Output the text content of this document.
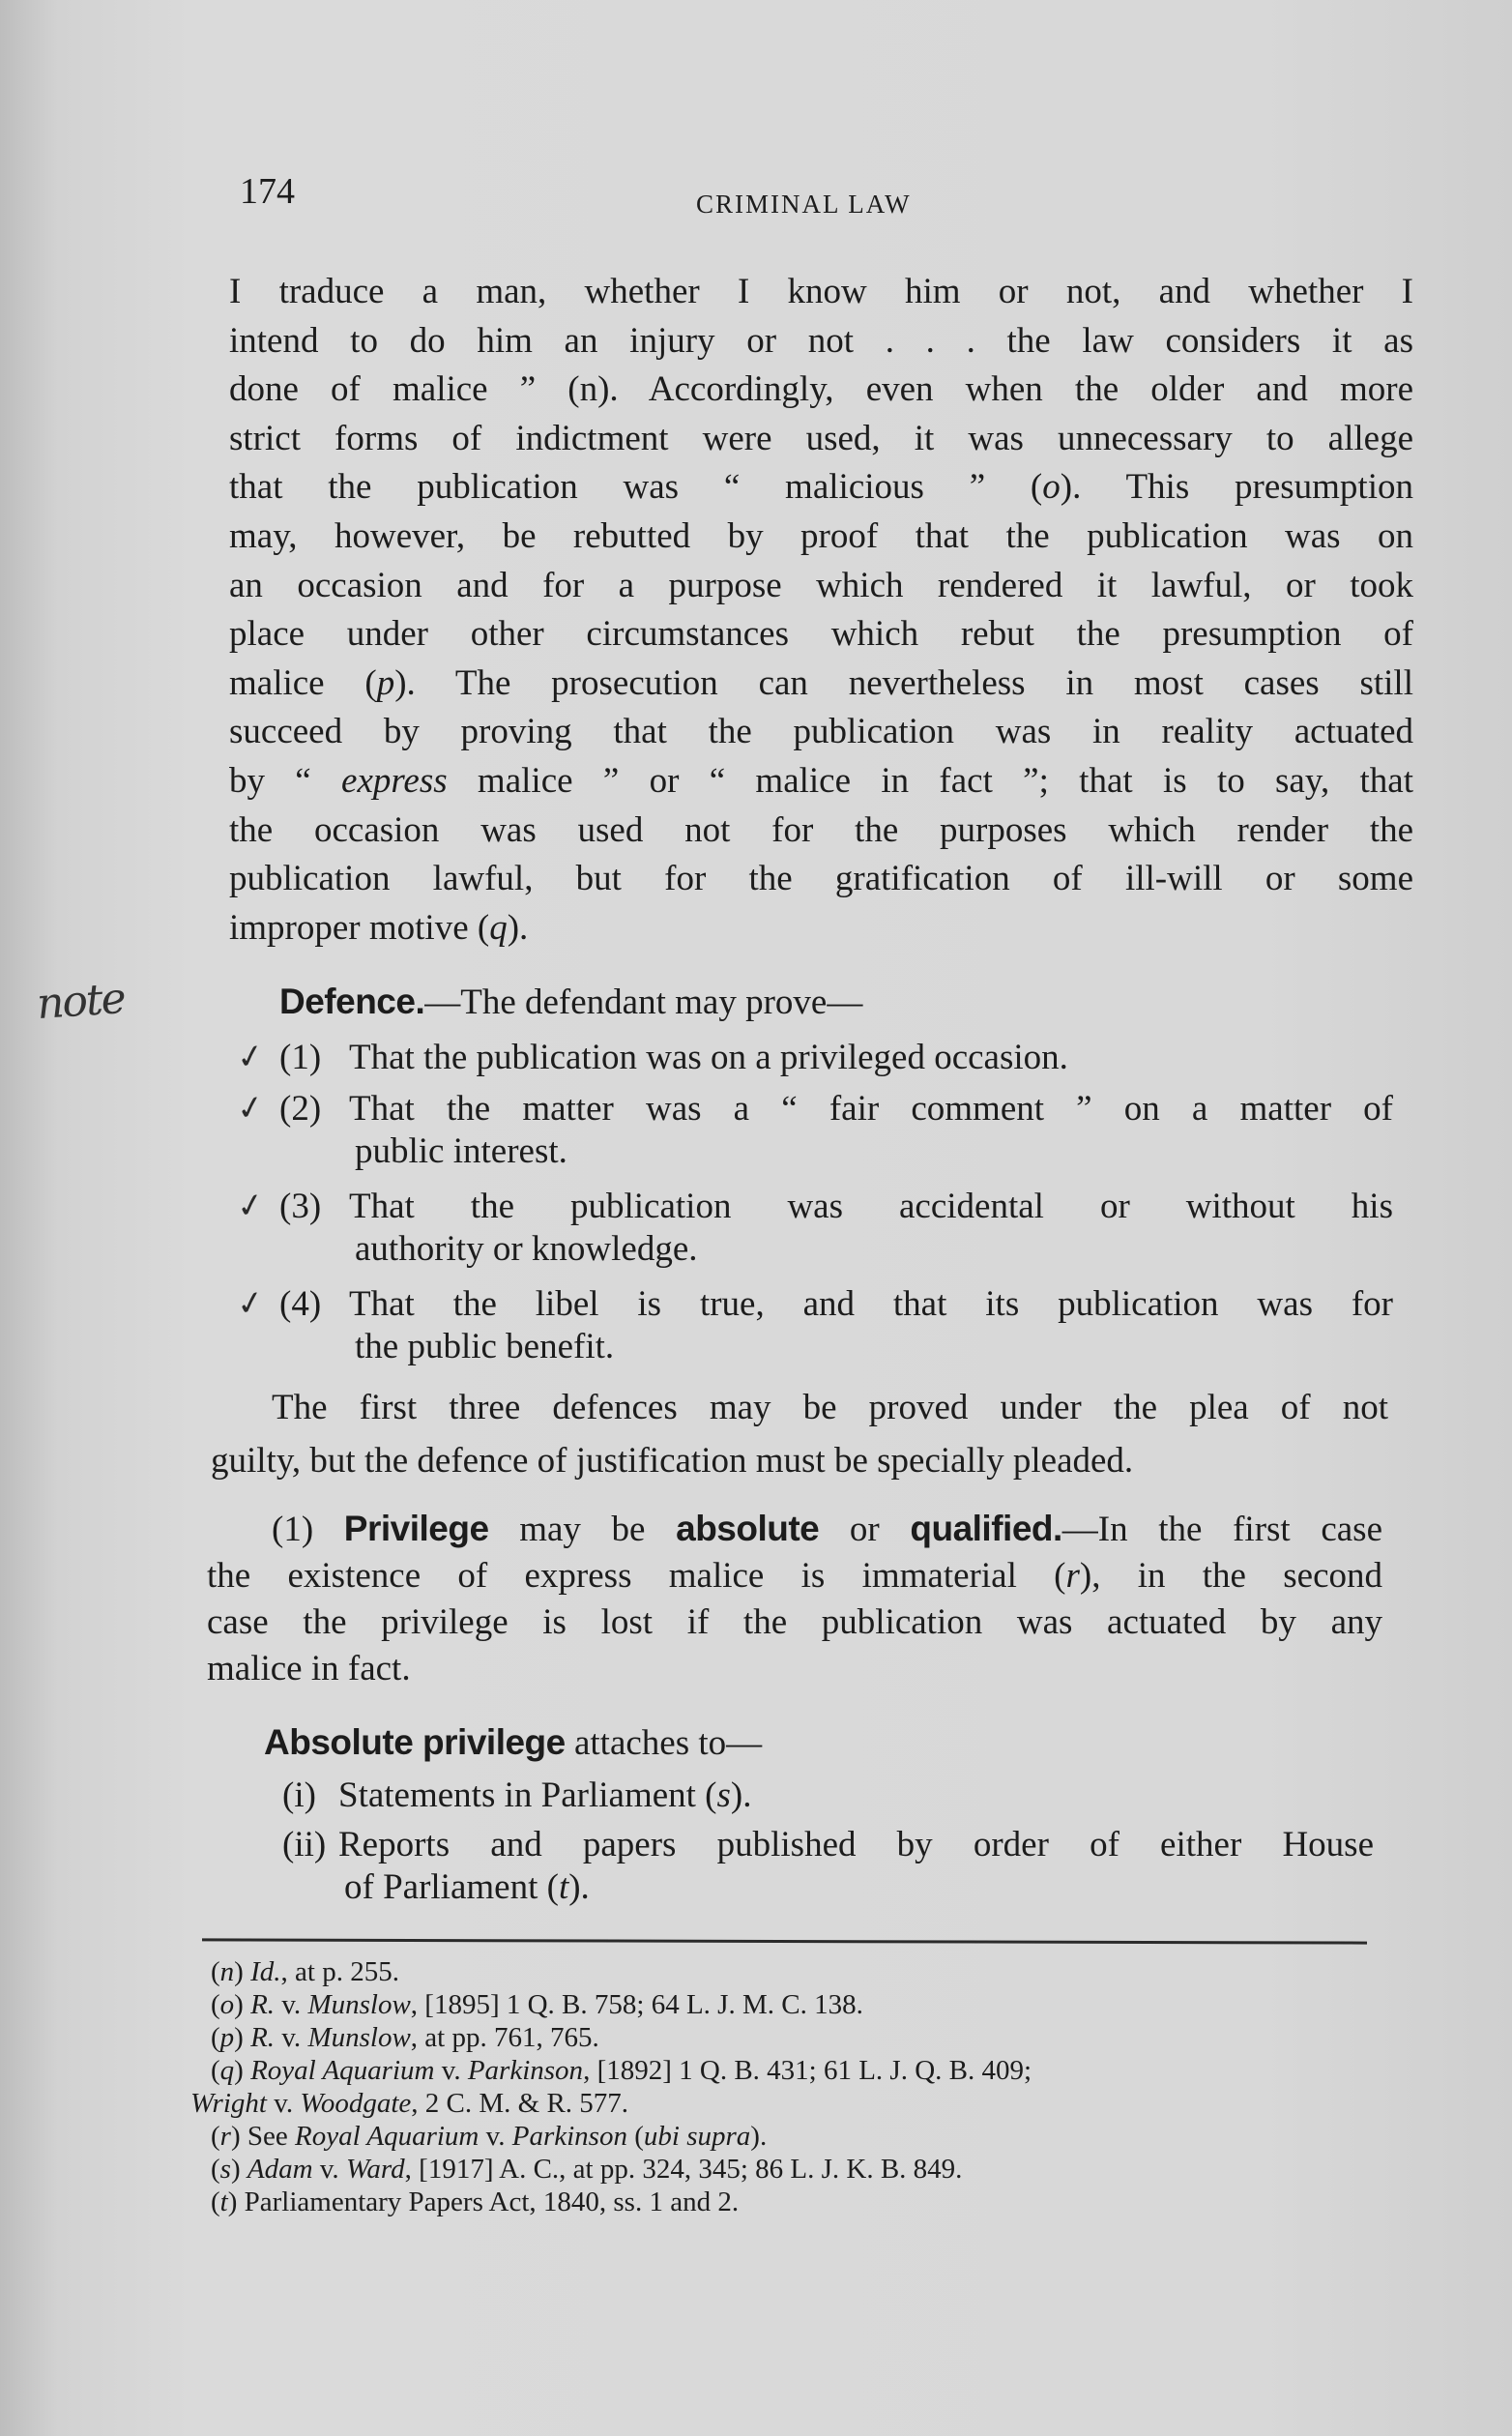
174	CRIMINAL LAW
note
I traduce a man, whether I know him or not, and whether I
intend to do him an injury or not . . . the law considers it as
done of malice ” (n). Accordingly, even when the older and more
strict forms of indictment were used, it was unnecessary to allege
that the publication was “ malicious ” (o). This presumption
may, however, be rebutted by proof that the publication was on
an occasion and for a purpose which rendered it lawful, or took
place under other circumstances which rebut the presumption of
malice (p). The prosecution can nevertheless in most cases still
succeed by proving that the publication was in reality actuated
by “ express malice ” or “ malice in fact ”; that is to say, that
the occasion was used not for the purposes which render the
publication lawful, but for the gratification of ill-will or some
improper motive (q).
Defence.—The defendant may prove—
(1)
✓ That the publication was on a privileged occasion.
(2)
✓ That the matter was a “ fair comment ” on a matter of
public interest.
(3)
✓ That the publication was accidental or without his
authority or knowledge.
(4)
✓ That the libel is true, and that its publication was for
the public benefit.
The first three defences may be proved under the plea of not
guilty, but the defence of justification must be specially pleaded.
(1) Privilege may be absolute or qualified.—In the first case
the existence of express malice is immaterial (r), in the second
case the privilege is lost if the publication was actuated by any
malice in fact.
Absolute privilege attaches to—
(i) Statements in Parliament (s).
(ii) Reports and papers published by order of either House
of Parliament (t).
(n) Id., at p. 255.
(o) R. v. Munslow, [1895] 1 Q. B. 758; 64 L. J. M. C. 138.
(p) R. v. Munslow, at pp. 761, 765.
(q) Royal Aquarium v. Parkinson, [1892] 1 Q. B. 431; 61 L. J. Q. B. 409;
Wright v. Woodgate, 2 C. M. & R. 577.
(r) See Royal Aquarium v. Parkinson (ubi supra).
(s) Adam v. Ward, [1917] A. C., at pp. 324, 345; 86 L. J. K. B. 849.
(t) Parliamentary Papers Act, 1840, ss. 1 and 2.
